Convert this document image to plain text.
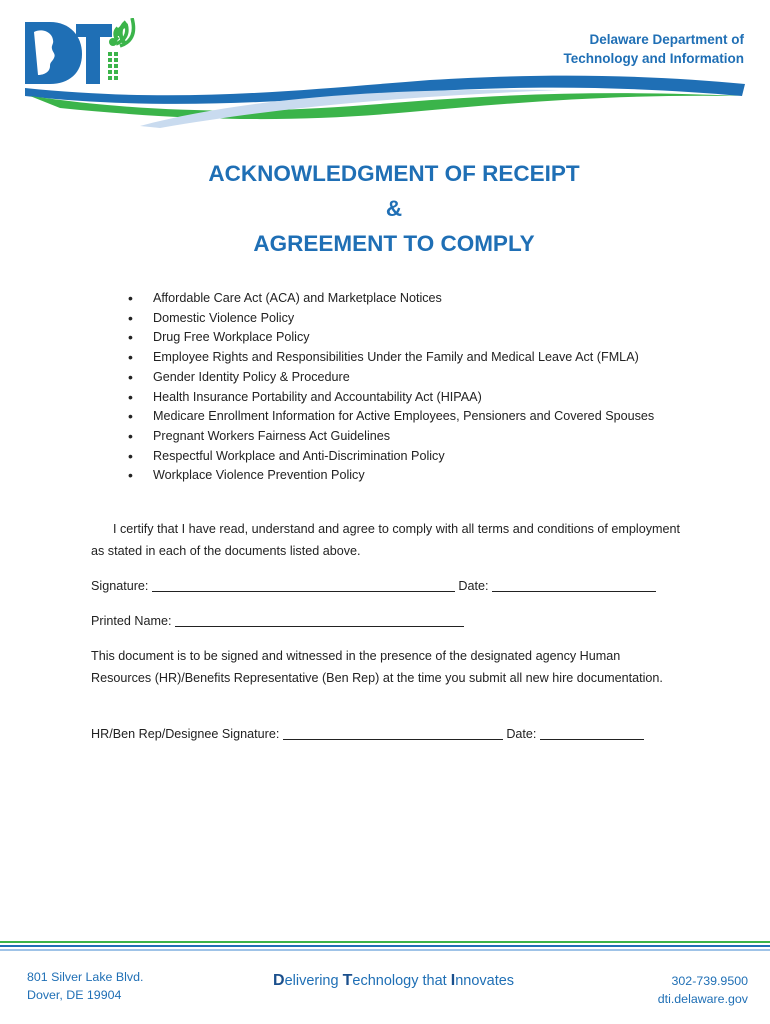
Delaware Department of
Technology and Information
ACKNOWLEDGMENT OF RECEIPT
&
AGREEMENT TO COMPLY
• Affordable Care Act (ACA) and Marketplace Notices
• Domestic Violence Policy
• Drug Free Workplace Policy
• Employee Rights and Responsibilities Under the Family and Medical Leave Act (FMLA)
• Gender Identity Policy & Procedure
• Health Insurance Portability and Accountability Act (HIPAA)
• Medicare Enrollment Information for Active Employees, Pensioners and Covered Spouses
• Pregnant Workers Fairness Act Guidelines
• Respectful Workplace and Anti-Discrimination Policy
• Workplace Violence Prevention Policy
I certify that I have read, understand and agree to comply with all terms and conditions of employment as stated in each of the documents listed above.
Signature:	Date:
Printed Name:
This document is to be signed and witnessed in the presence of the designated agency Human Resources (HR)/Benefits Representative (Ben Rep) at the time you submit all new hire documentation.
HR/Ben Rep/Designee Signature:	Date:
801 Silver Lake Blvd.
Dover, DE 19904
Delivering Technology that Innovates	302-739.9500
dti.delaware.gov
